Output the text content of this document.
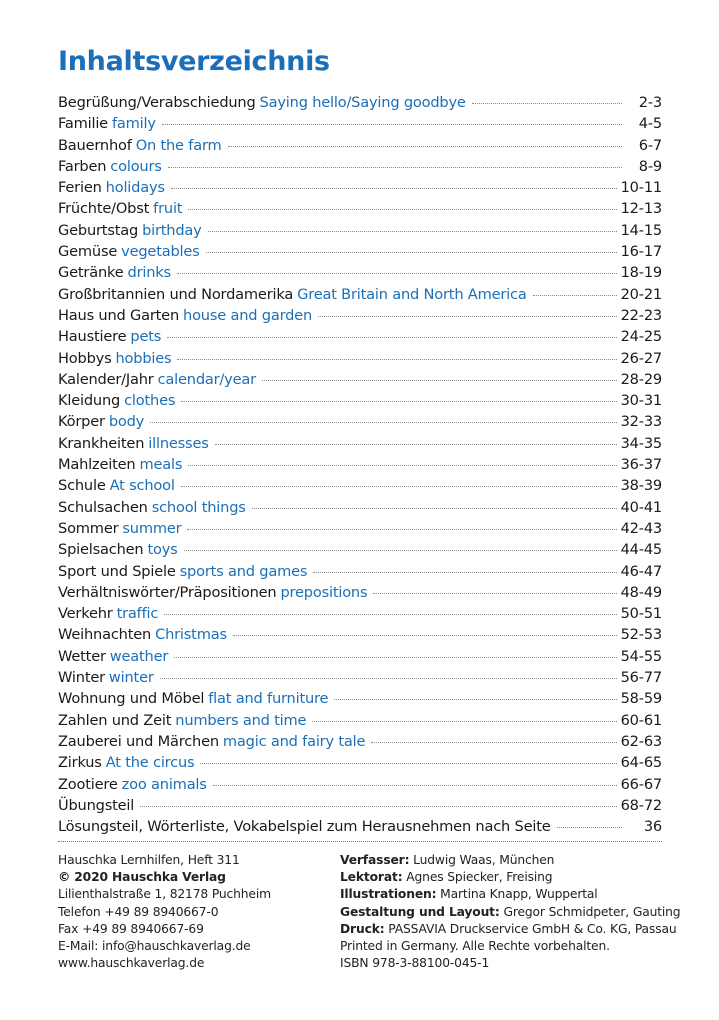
Inhaltsverzeichnis
Begrüßung/Verabschiedung Saying hello/Saying goodbye	2-3
Familie family	4-5
Bauernhof On the farm	6-7
Farben colours	8-9
Ferien holidays	10-11
Früchte/Obst fruit	12-13
Geburtstag birthday	14-15
Gemüse vegetables	16-17
Getränke drinks	18-19
Großbritannien und Nordamerika Great Britain and North America	20-21
Haus und Garten house and garden	22-23
Haustiere pets	24-25
Hobbys hobbies	26-27
Kalender/Jahr calendar/year	28-29
Kleidung clothes	30-31
Körper body	32-33
Krankheiten illnesses	34-35
Mahlzeiten meals	36-37
Schule At school	38-39
Schulsachen school things	40-41
Sommer summer	42-43
Spielsachen toys	44-45
Sport und Spiele sports and games	46-47
Verhältniswörter/Präpositionen prepositions	48-49
Verkehr traffic	50-51
Weihnachten Christmas	52-53
Wetter weather	54-55
Winter winter	56-77
Wohnung und Möbel flat and furniture	58-59
Zahlen und Zeit numbers and time	60-61
Zauberei und Märchen magic and fairy tale	62-63
Zirkus At the circus	64-65
Zootiere zoo animals	66-67
Übungsteil	68-72
Lösungsteil, Wörterliste, Vokabelspiel zum Herausnehmen nach Seite	36
Hauschka Lernhilfen, Heft 311
© 2020 Hauschka Verlag
Lilienthalstraße 1, 82178 Puchheim
Telefon +49 89 8940667-0
Fax +49 89 8940667-69
E-Mail: info@hauschkaverlag.de
www.hauschkaverlag.de
Verfasser: Ludwig Waas, München
Lektorat: Agnes Spiecker, Freising
Illustrationen: Martina Knapp, Wuppertal
Gestaltung und Layout: Gregor Schmidpeter, Gauting
Druck: PASSAVIA Druckservice GmbH & Co. KG, Passau
Printed in Germany. Alle Rechte vorbehalten.
ISBN 978-3-88100-045-1
